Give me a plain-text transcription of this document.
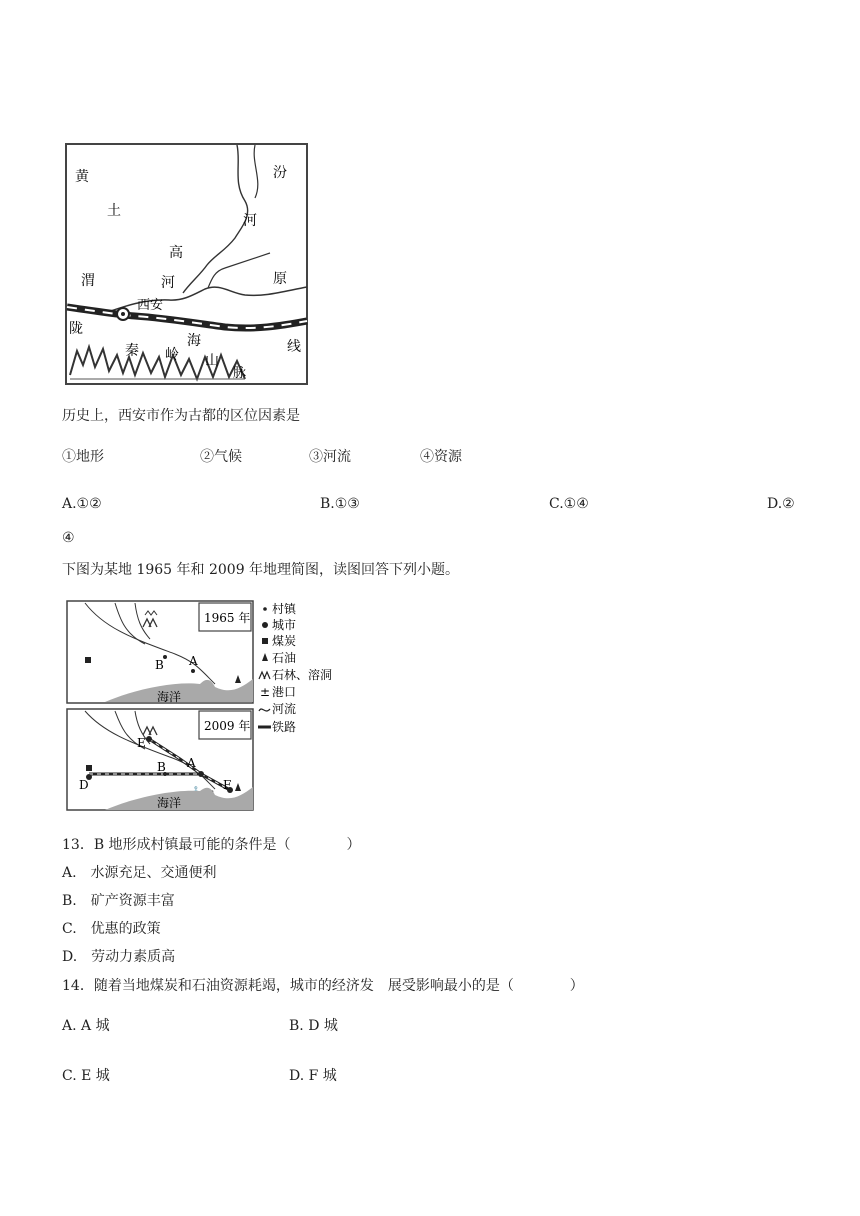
黄
土
高
原
汾
河
渭	河
西安
陇
海	线
秦 岭 山
脉
历史上，西安市作为古都的区位因素是
①地形	②气候	③河流	④资源
A.①②	B.①③	C.①④	D.②
④
下图为某地 1965 年和 2009 年地理简图，读图回答下列小题。
1965 年
B A
海洋
2009 年
D
E
B A
F
海洋
村镇
城市
煤炭
石油
石林、溶洞
± 港口
河流
铁路
13．B 地形成村镇最可能的条件是（　　　　）
A.　水源充足、交通便利
B.　矿产资源丰富
C.　优惠的政策
D.　劳动力素质高
14．随着当地煤炭和石油资源耗竭，城市的经济发　展受影响最小的是（　　　　）
A. A 城	B. D 城
C. E 城	D. F 城
